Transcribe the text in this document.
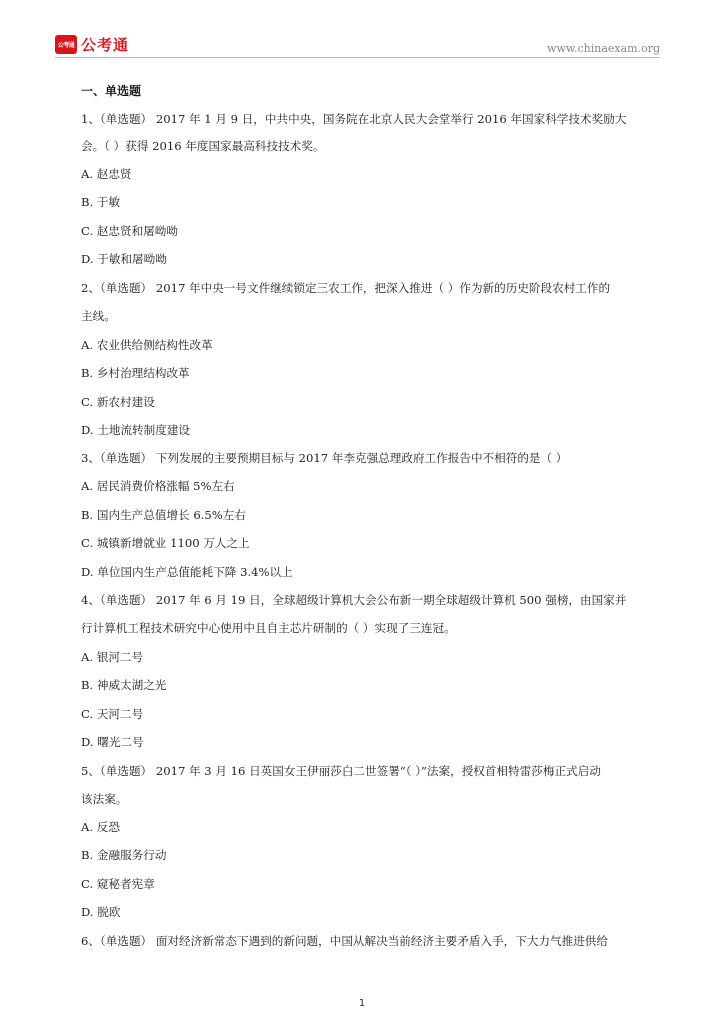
公考通 公考通	www.chinaexam.org
一、单选题
1、（单选题） 2017 年 1 月 9 日，中共中央，国务院在北京人民大会堂举行 2016 年国家科学技术奖励大
会。（ ）获得 2016 年度国家最高科技技术奖。
A. 赵忠贤
B. 于敏
C. 赵忠贤和屠呦呦
D. 于敏和屠呦呦
2、（单选题） 2017 年中央一号文件继续锁定三农工作，把深入推进（ ）作为新的历史阶段农村工作的
主线。
A. 农业供给侧结构性改革
B. 乡村治理结构改革
C. 新农村建设
D. 土地流转制度建设
3、（单选题） 下列发展的主要预期目标与 2017 年李克强总理政府工作报告中不相符的是（ ）
A. 居民消费价格涨幅 5%左右
B. 国内生产总值增长 6.5%左右
C. 城镇新增就业 1100 万人之上
D. 单位国内生产总值能耗下降 3.4%以上
4、（单选题） 2017 年 6 月 19 日，全球超级计算机大会公布新一期全球超级计算机 500 强榜，由国家并
行计算机工程技术研究中心使用中且自主芯片研制的（ ）实现了三连冠。
A. 银河二号
B. 神威太湖之光
C. 天河二号
D. 曙光二号
5、（单选题） 2017 年 3 月 16 日英国女王伊丽莎白二世签署“（ ）”法案，授权首相特雷莎梅正式启动
该法案。
A. 反恐
B. 金融服务行动
C. 窥秘者宪章
D. 脱欧
6、（单选题） 面对经济新常态下遇到的新问题，中国从解决当前经济主要矛盾入手，下大力气推进供给
1
